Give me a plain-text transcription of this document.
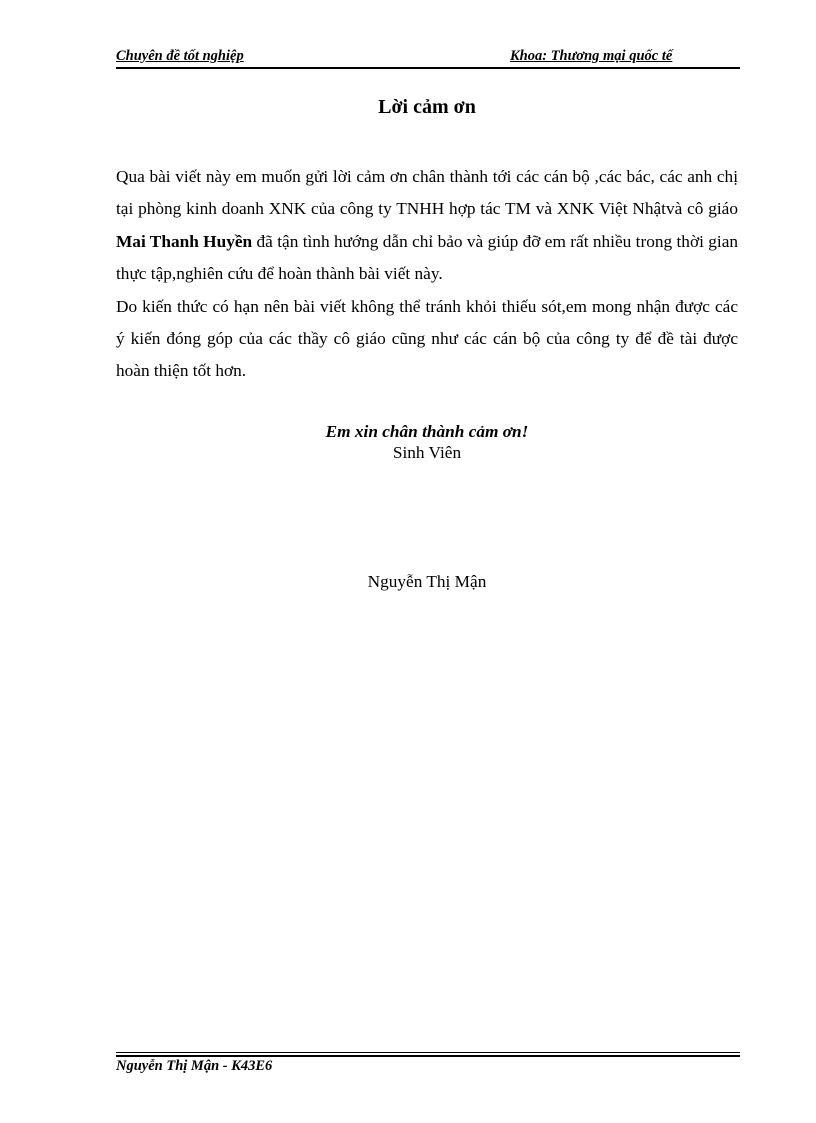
Chuyên đề tốt nghiệp	Khoa: Thương mại quốc tế
Lời cảm ơn

Qua bài viết này em muốn gửi lời cảm ơn chân thành tới các cán bộ ,các bác, các anh chị tại phòng kinh doanh XNK của công ty TNHH hợp tác TM và XNK Việt Nhậtvà cô giáo Mai Thanh Huyền đã tận tình hướng dẫn chỉ bảo và giúp đỡ em rất nhiều trong thời gian thực tập,nghiên cứu để hoàn thành bài viết này.

Do kiến thức có hạn nên bài viết không thể tránh khỏi thiếu sót,em mong nhận được các ý kiến đóng góp của các thầy cô giáo cũng như các cán bộ của công ty để đề tài được hoàn thiện tốt hơn.

Em xin chân thành cảm ơn!
Sinh Viên
Nguyễn Thị Mận
Nguyễn Thị Mận - K43E6
